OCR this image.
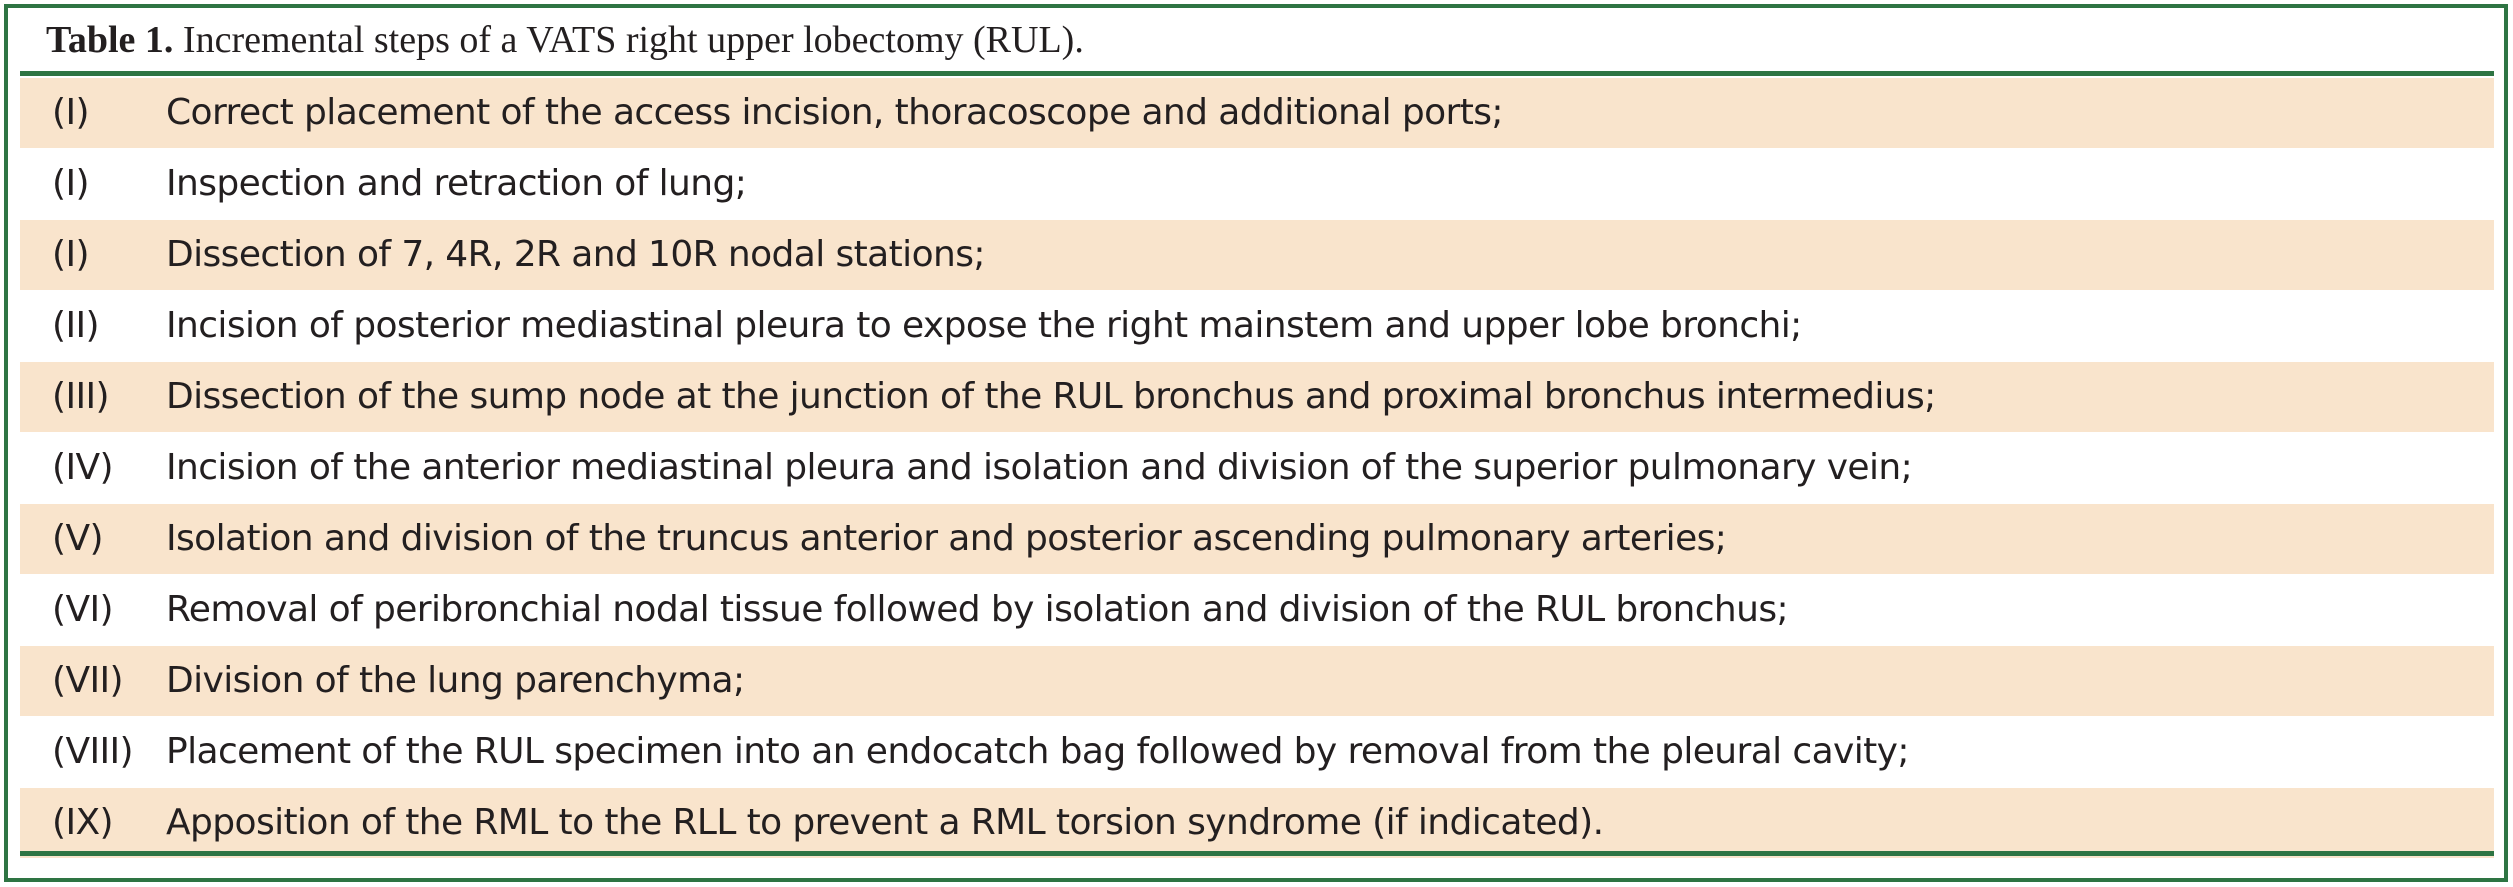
Table 1. Incremental steps of a VATS right upper lobectomy (RUL).
(I) Correct placement of the access incision, thoracoscope and additional ports;
(I) Inspection and retraction of lung;
(I) Dissection of 7, 4R, 2R and 10R nodal stations;
(II) Incision of posterior mediastinal pleura to expose the right mainstem and upper lobe bronchi;
(III) Dissection of the sump node at the junction of the RUL bronchus and proximal bronchus intermedius;
(IV) Incision of the anterior mediastinal pleura and isolation and division of the superior pulmonary vein;
(V) Isolation and division of the truncus anterior and posterior ascending pulmonary arteries;
(VI) Removal of peribronchial nodal tissue followed by isolation and division of the RUL bronchus;
(VII) Division of the lung parenchyma;
(VIII) Placement of the RUL specimen into an endocatch bag followed by removal from the pleural cavity;
(IX) Apposition of the RML to the RLL to prevent a RML torsion syndrome (if indicated).
